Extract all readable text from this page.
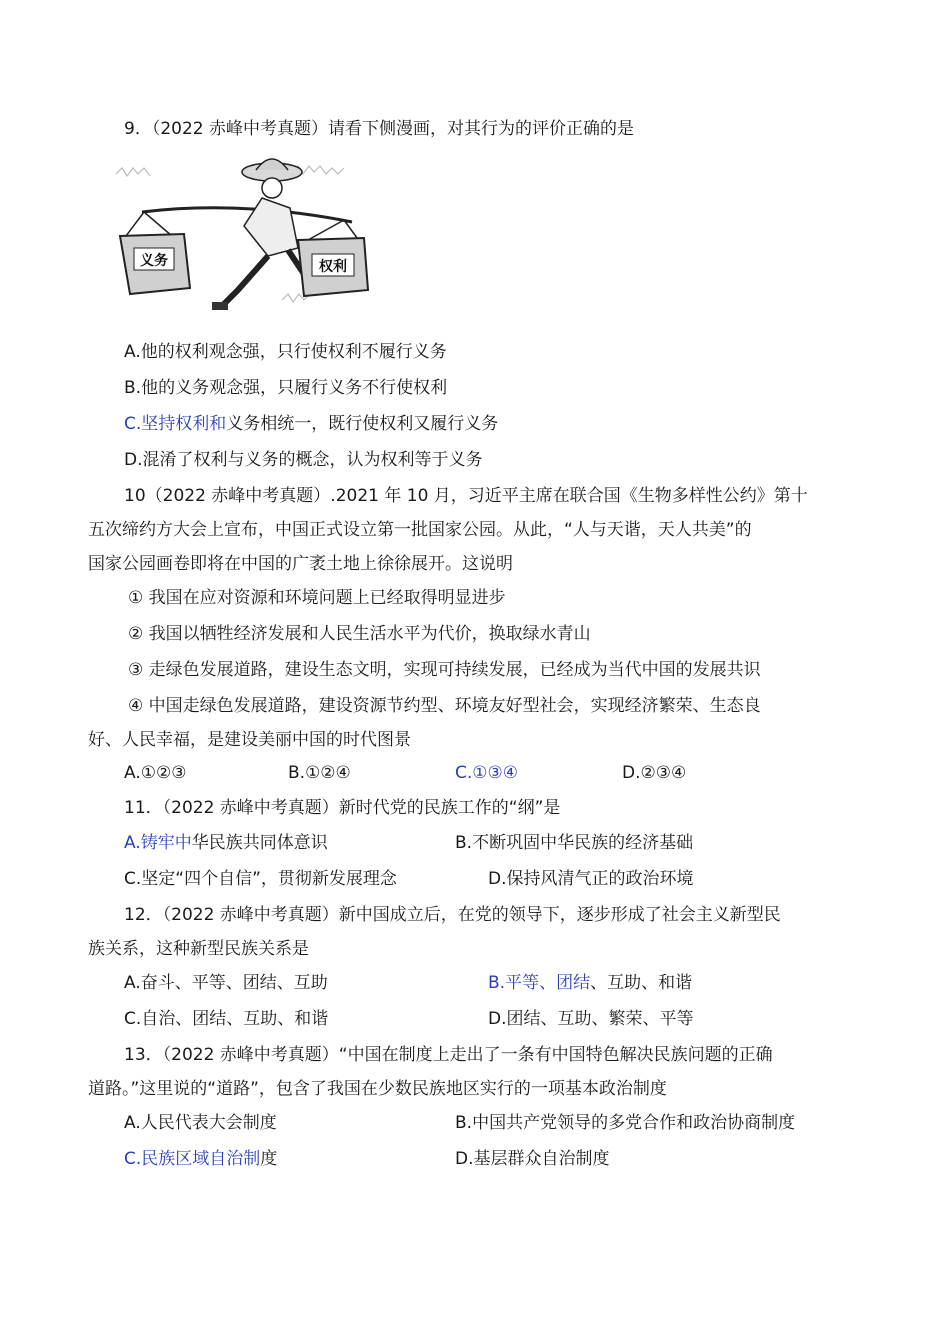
9．（2022 赤峰中考真题）请看下侧漫画，对其行为的评价正确的是
义务	权利
A.他的权利观念强，只行使权利不履行义务
B.他的义务观念强，只履行义务不行使权利
C.坚持权利和义务相统一，既行使权利又履行义务
D.混淆了权利与义务的概念，认为权利等于义务
10（2022 赤峰中考真题）.2021 年 10 月，习近平主席在联合国《生物多样性公约》第十
五次缔约方大会上宣布，中国正式设立第一批国家公园。从此，“人与天谐，天人共美”的
国家公园画卷即将在中国的广袤土地上徐徐展开。这说明
① 我国在应对资源和环境问题上已经取得明显进步
② 我国以牺牲经济发展和人民生活水平为代价，换取绿水青山
③ 走绿色发展道路，建设生态文明，实现可持续发展，已经成为当代中国的发展共识
④ 中国走绿色发展道路，建设资源节约型、环境友好型社会，实现经济繁荣、生态良
好、人民幸福，是建设美丽中国的时代图景
A.①②③	B.①②④	C.①③④	D.②③④
11．（2022 赤峰中考真题）新时代党的民族工作的“纲”是
A.铸牢中华民族共同体意识	B.不断巩固中华民族的经济基础
C.坚定“四个自信”，贯彻新发展理念	D.保持风清气正的政治环境
12．（2022 赤峰中考真题）新中国成立后，在党的领导下，逐步形成了社会主义新型民
族关系，这种新型民族关系是
A.奋斗、平等、团结、互助	B.平等、团结、互助、和谐
C.自治、团结、互助、和谐	D.团结、互助、繁荣、平等
13．（2022 赤峰中考真题）“中国在制度上走出了一条有中国特色解决民族问题的正确
道路。”这里说的“道路”，包含了我国在少数民族地区实行的一项基本政治制度
A.人民代表大会制度	B.中国共产党领导的多党合作和政治协商制度
C.民族区域自治制度	D.基层群众自治制度
